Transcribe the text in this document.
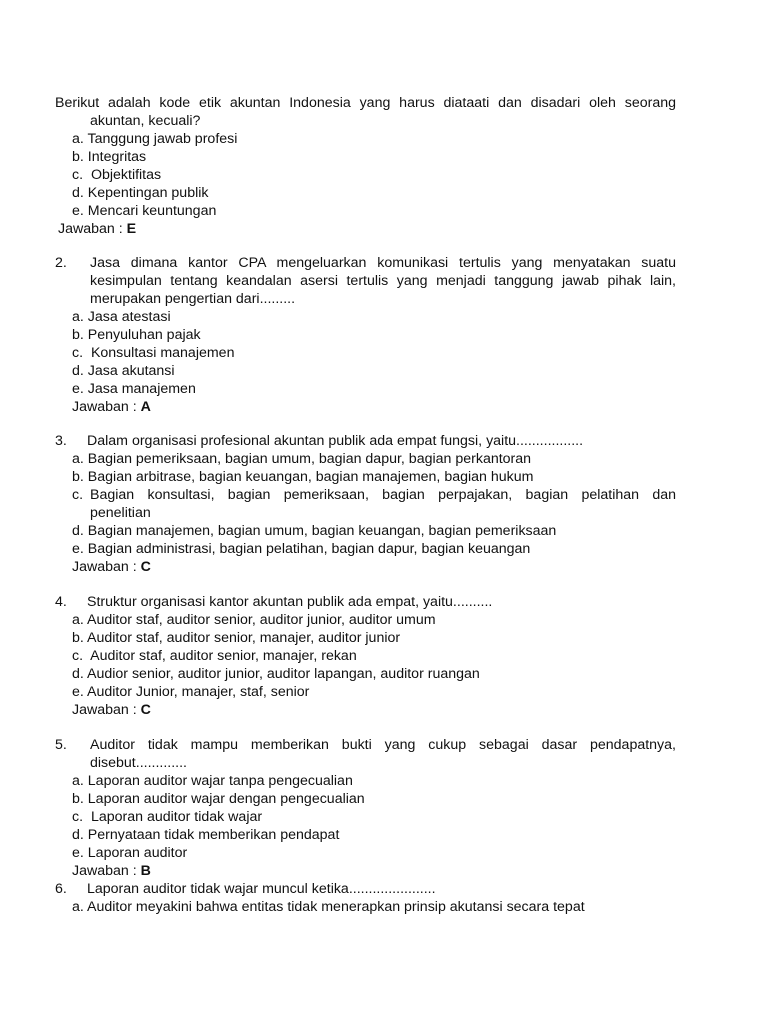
Berikut adalah kode etik akuntan Indonesia yang harus diataati dan disadari oleh seorang
akuntan, kecuali?
a. Tanggung jawab profesi
b. Integritas
c. Objektifitas
d. Kepentingan publik
e. Mencari keuntungan
Jawaban : E
2. Jasa dimana kantor CPA mengeluarkan komunikasi tertulis yang menyatakan suatu
kesimpulan tentang keandalan asersi tertulis yang menjadi tanggung jawab pihak lain,
merupakan pengertian dari.........
a. Jasa atestasi
b. Penyuluhan pajak
c. Konsultasi manajemen
d. Jasa akutansi
e. Jasa manajemen
Jawaban : A
3. Dalam organisasi profesional akuntan publik ada empat fungsi, yaitu.................
a. Bagian pemeriksaan, bagian umum, bagian dapur, bagian perkantoran
b. Bagian arbitrase, bagian keuangan, bagian manajemen, bagian hukum
c. Bagian konsultasi, bagian pemeriksaan, bagian perpajakan, bagian pelatihan dan
penelitian
d. Bagian manajemen, bagian umum, bagian keuangan, bagian pemeriksaan
e. Bagian administrasi, bagian pelatihan, bagian dapur, bagian keuangan
Jawaban : C
4. Struktur organisasi kantor akuntan publik ada empat, yaitu..........
a. Auditor staf, auditor senior, auditor junior, auditor umum
b. Auditor staf, auditor senior, manajer, auditor junior
c. Auditor staf, auditor senior, manajer, rekan
d. Audior senior, auditor junior, auditor lapangan, auditor ruangan
e. Auditor Junior, manajer, staf, senior
Jawaban : C
5. Auditor tidak mampu memberikan bukti yang cukup sebagai dasar pendapatnya,
disebut.............
a. Laporan auditor wajar tanpa pengecualian
b. Laporan auditor wajar dengan pengecualian
c. Laporan auditor tidak wajar
d. Pernyataan tidak memberikan pendapat
e. Laporan auditor
Jawaban : B
6. Laporan auditor tidak wajar muncul ketika......................
a. Auditor meyakini bahwa entitas tidak menerapkan prinsip akutansi secara tepat
